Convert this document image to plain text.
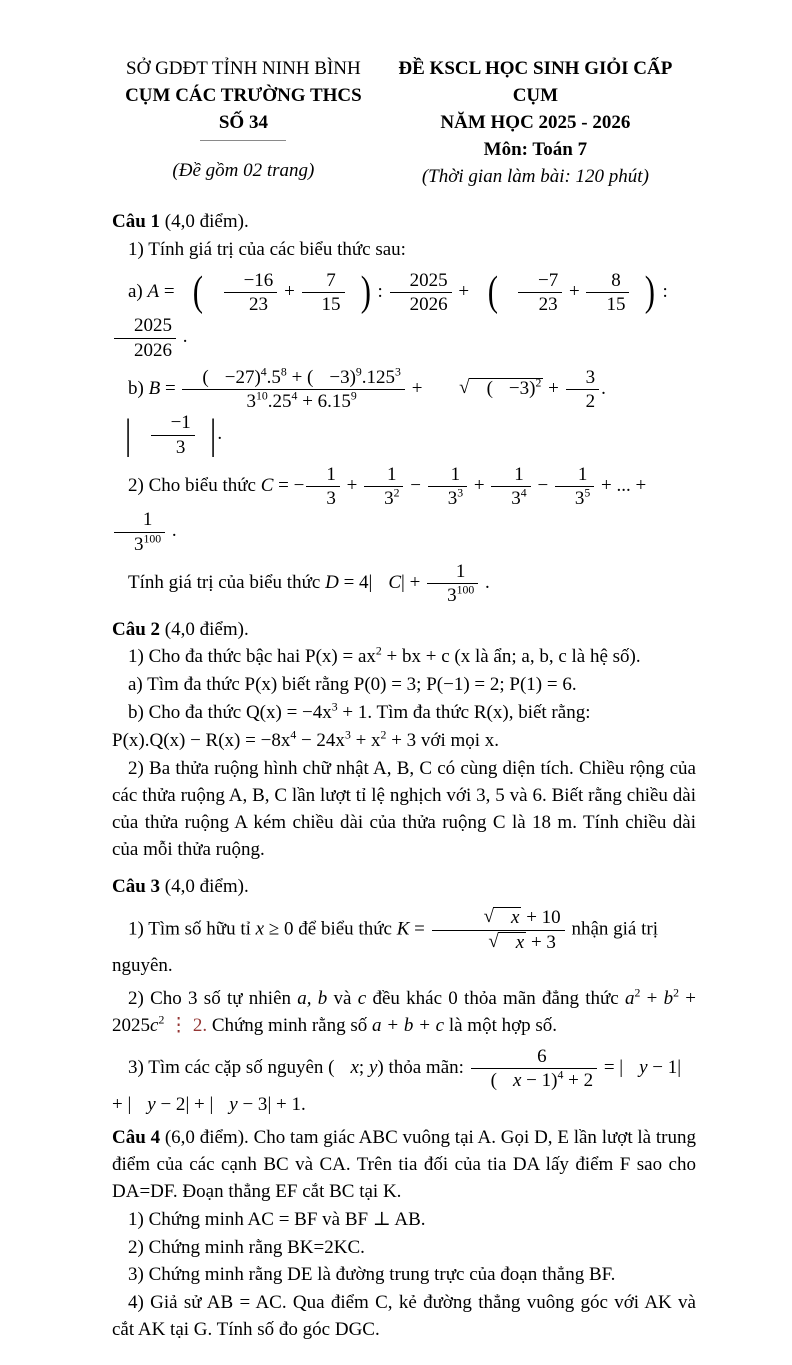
SỞ GDĐT TỈNH NINH BÌNH
CỤM CÁC TRƯỜNG THCS SỐ 34
(Đề gồm 02 trang)
ĐỀ KSCL HỌC SINH GIỎI CẤP CỤM
NĂM HỌC 2025 - 2026
Môn: Toán 7
(Thời gian làm bài: 120 phút)
Câu 1 (4,0 điểm).
1) Tính giá trị của các biểu thức sau:
a) A = ( $\frac{-16}{23} + \frac{7}{15}$ ) : $\frac{2025}{2026}$ + ( $\frac{-7}{23} + \frac{8}{15}$ ) :
$\frac{2025}{2026}$ .
b) $B = \frac{( -27)^4.5^8 + ( -3)^9.125^3}{3^{10}.25^4 + 6.15^9}$ + √ ( $-3)^2 + \frac{3}{2}$ .
| $\frac{-1}{3}$ | .
2) Cho biểu thức C = − $\frac{1}{3} + \frac{1}{3^2} - \frac{1}{3^3} + \frac{1}{3^4} - \frac{1}{3^5}$ + ... +
$\frac{1}{3^{100}}$ .
Tính giá trị của biểu thức D = 4| $C| + \frac{1}{3^{100}}$ .
Câu 2 (4,0 điểm).
1) Cho đa thức bậc hai $P(x) = ax^2$ + bx + c (x là ẩn; a, b, c là hệ số).
a) Tìm đa thức P(x) biết rằng P(0) = 3; P(−1) = 2; P(1) = 6.
b) Cho đa thức $Q(x) = -4x^3 + 1$. Tìm đa thức R(x), biết rằng:
$P(x).Q(x) - R(x) = -8x^4 - 24x^3 + x^2 + 3$ với mọi x.
2) Ba thửa ruộng hình chữ nhật A, B, C có cùng diện tích. Chiều rộng của các thửa ruộng A, B, C lần lượt tỉ lệ nghịch với 3, 5 và 6. Biết rằng chiều dài của thửa ruộng A kém chiều dài của thửa ruộng C là 18 m. Tính chiều dài của mỗi thửa ruộng.
Câu 3 (4,0 điểm).
1) Tìm số hữu tỉ x ≥ 0 để biểu thức $K = \frac{√ x + 10}{√ x + 3}$ nhận giá trị nguyên.
2) Cho 3 số tự nhiên a, b và c đều khác 0 thỏa mãn đẳng thức $a^2 + b^2 + 2025c^2$ ⋮ 2. Chứng minh rằng số a + b + c là một hợp số.
3) Tìm các cặp số nguyên ( x; y) thỏa mãn: $\frac{6}{( x - 1)^4 + 2}$ = | y − 1| + | y − 2| + | y − 3| + 1.
Câu 4 (6,0 điểm). Cho tam giác ABC vuông tại A. Gọi D, E lần lượt là trung điểm của các cạnh BC và CA. Trên tia đối của tia DA lấy điểm F sao cho DA=DF. Đoạn thẳng EF cắt BC tại K.
1) Chứng minh AC = BF và BF ⊥ AB.
2) Chứng minh rằng BK=2KC.
3) Chứng minh rằng DE là đường trung trực của đoạn thẳng BF.
4) Giả sử AB = AC. Qua điểm C, kẻ đường thẳng vuông góc với AK và cắt AK tại G. Tính số đo góc DGC.
